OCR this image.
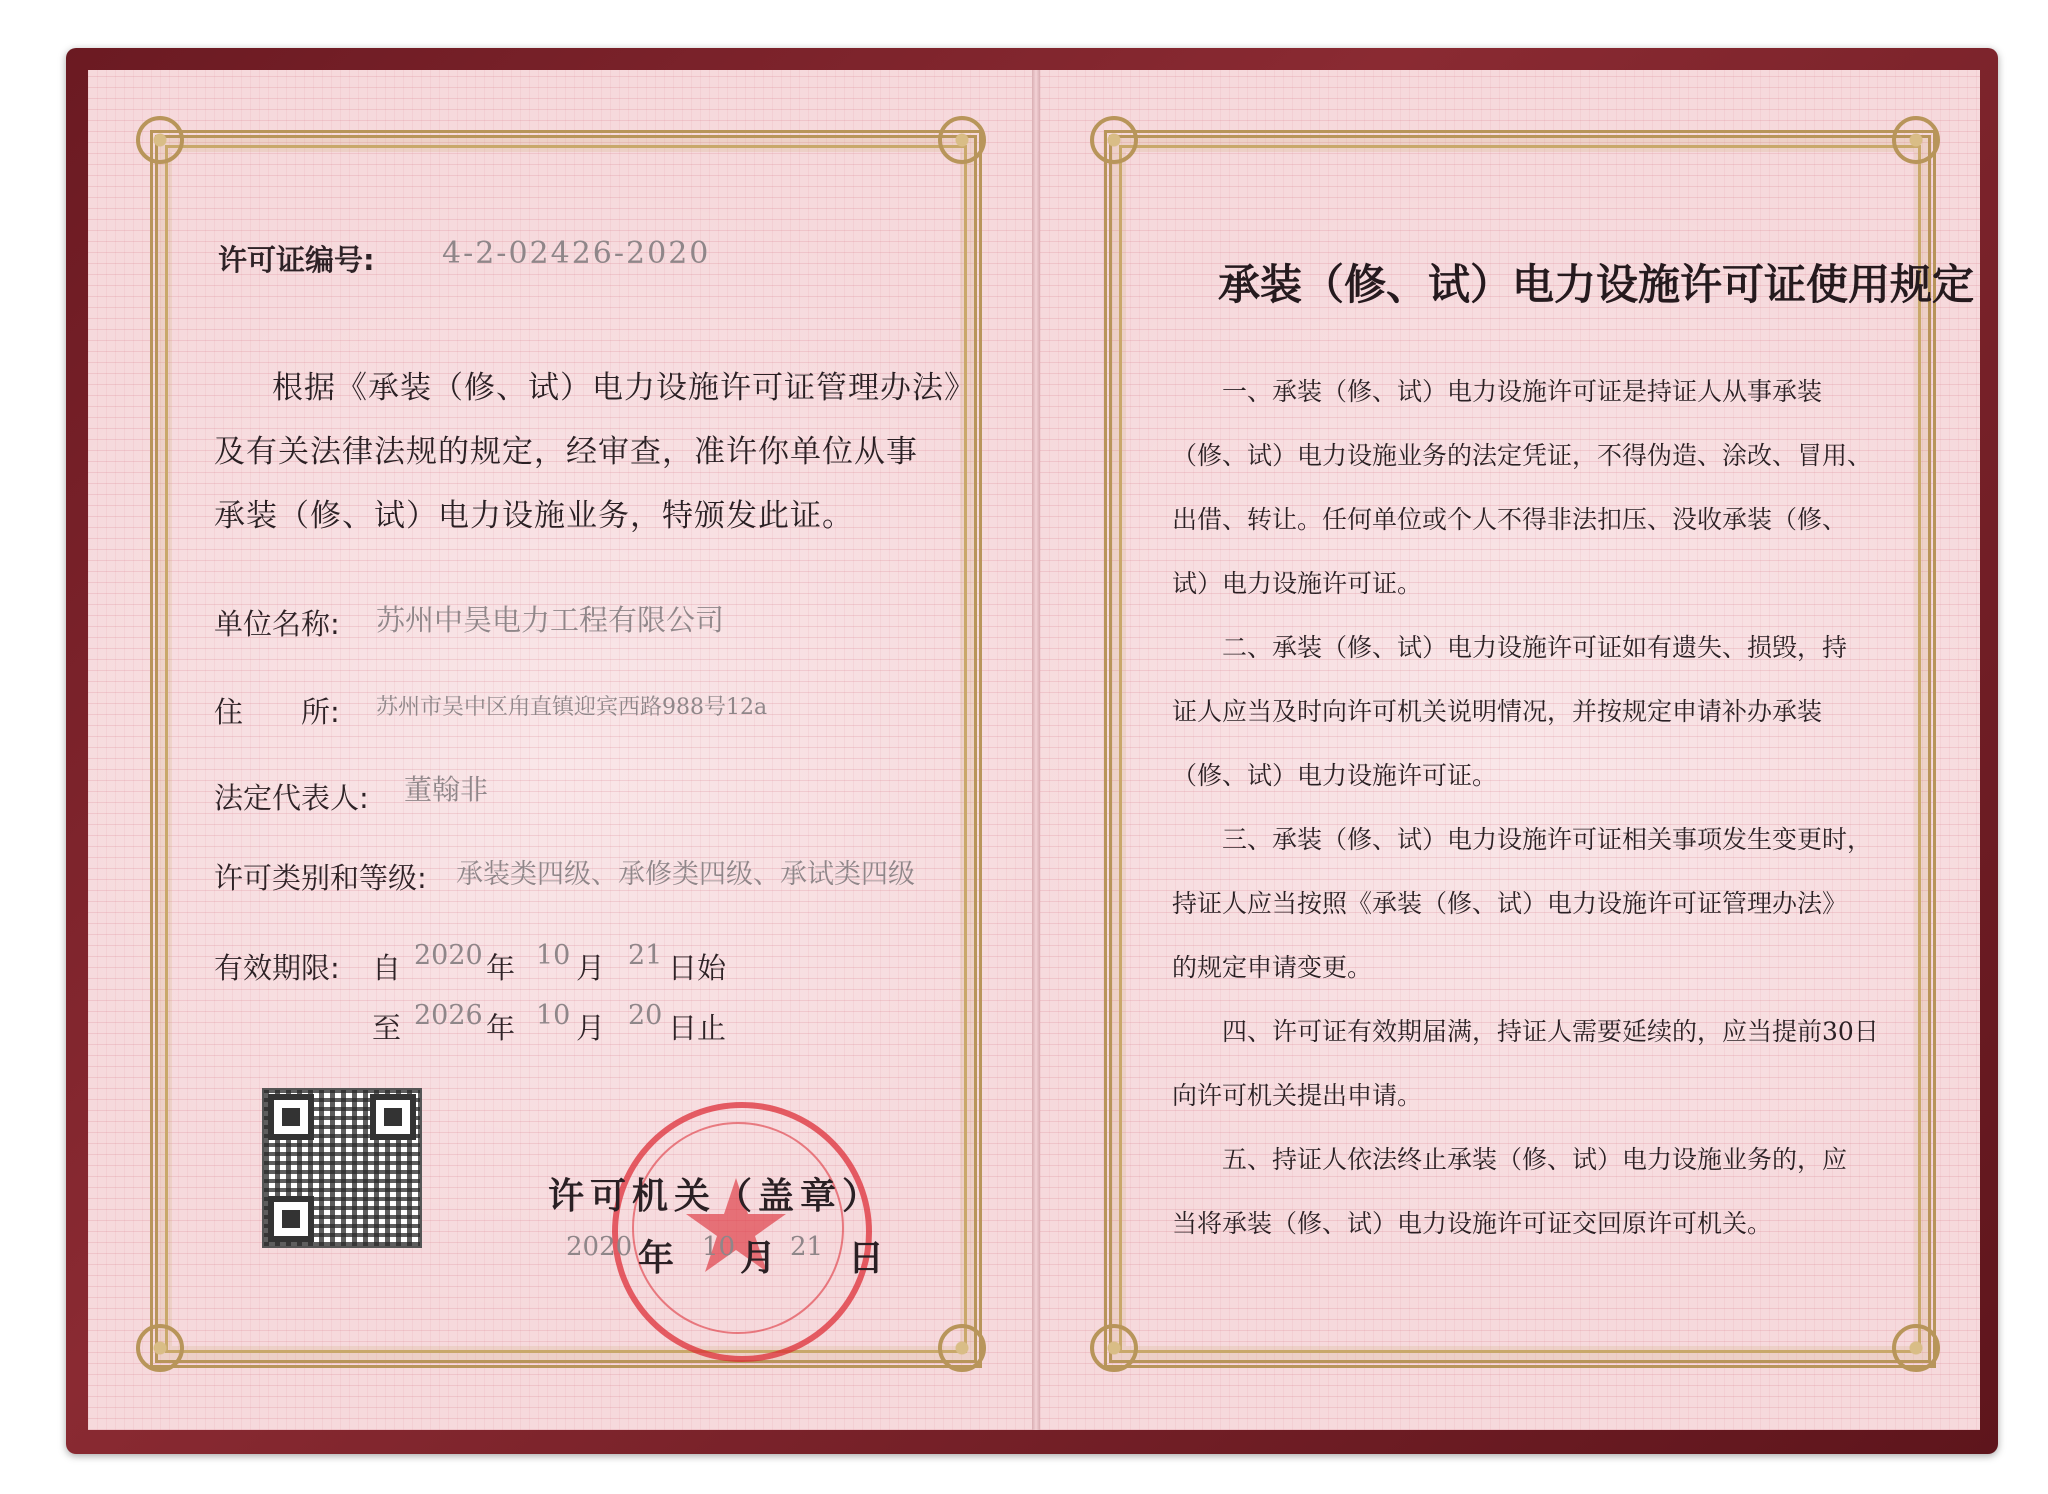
许可证编号: 4-2-02426-2020
根据《承装（修、试）电力设施许可证管理办法》
及有关法律法规的规定，经审查，准许你单位从事
承装（修、试）电力设施业务，特颁发此证。
单位名称: 苏州中昊电力工程有限公司
住　　所: 苏州市吴中区甪直镇迎宾西路988号12a
法定代表人: 董翰非
许可类别和等级: 承装类四级、承修类四级、承试类四级
有效期限: 自 2020 年 10 月 21 日始
至 2026 年 10 月 20 日止
许可机关（盖章）
2020 年 10 月 21 日
承装（修、试）电力设施许可证使用规定
一、承装（修、试）电力设施许可证是持证人从事承装
（修、试）电力设施业务的法定凭证，不得伪造、涂改、冒用、
出借、转让。任何单位或个人不得非法扣压、没收承装（修、
试）电力设施许可证。
二、承装（修、试）电力设施许可证如有遗失、损毁，持
证人应当及时向许可机关说明情况，并按规定申请补办承装
（修、试）电力设施许可证。
三、承装（修、试）电力设施许可证相关事项发生变更时，
持证人应当按照《承装（修、试）电力设施许可证管理办法》
的规定申请变更。
四、许可证有效期届满，持证人需要延续的，应当提前30日
向许可机关提出申请。
五、持证人依法终止承装（修、试）电力设施业务的，应
当将承装（修、试）电力设施许可证交回原许可机关。
